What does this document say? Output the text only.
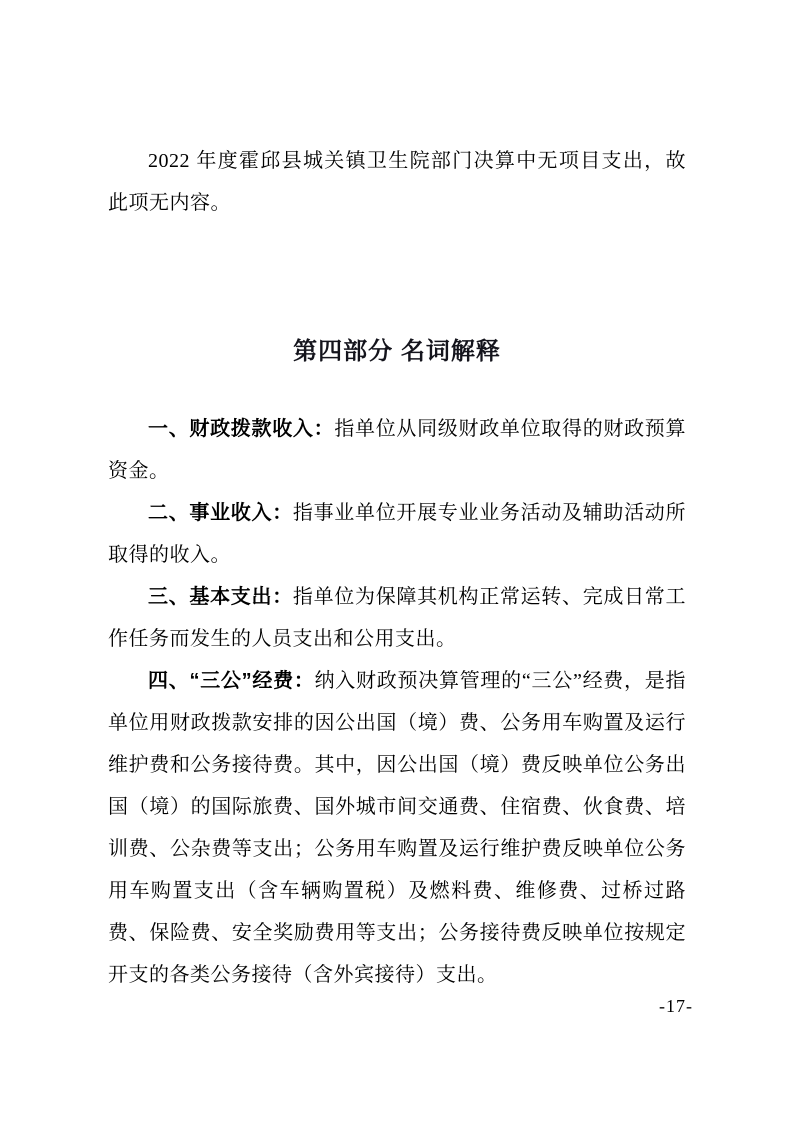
2022 年度霍邱县城关镇卫生院部门决算中无项目支出，故此项无内容。

第四部分 名词解释

一、财政拨款收入：指单位从同级财政单位取得的财政预算资金。

二、事业收入：指事业单位开展专业业务活动及辅助活动所取得的收入。

三、基本支出：指单位为保障其机构正常运转、完成日常工作任务而发生的人员支出和公用支出。

四、“三公”经费：纳入财政预决算管理的“三公”经费，是指单位用财政拨款安排的因公出国（境）费、公务用车购置及运行维护费和公务接待费。其中，因公出国（境）费反映单位公务出国（境）的国际旅费、国外城市间交通费、住宿费、伙食费、培训费、公杂费等支出；公务用车购置及运行维护费反映单位公务用车购置支出（含车辆购置税）及燃料费、维修费、过桥过路费、保险费、安全奖励费用等支出；公务接待费反映单位按规定开支的各类公务接待（含外宾接待）支出。

-17-
